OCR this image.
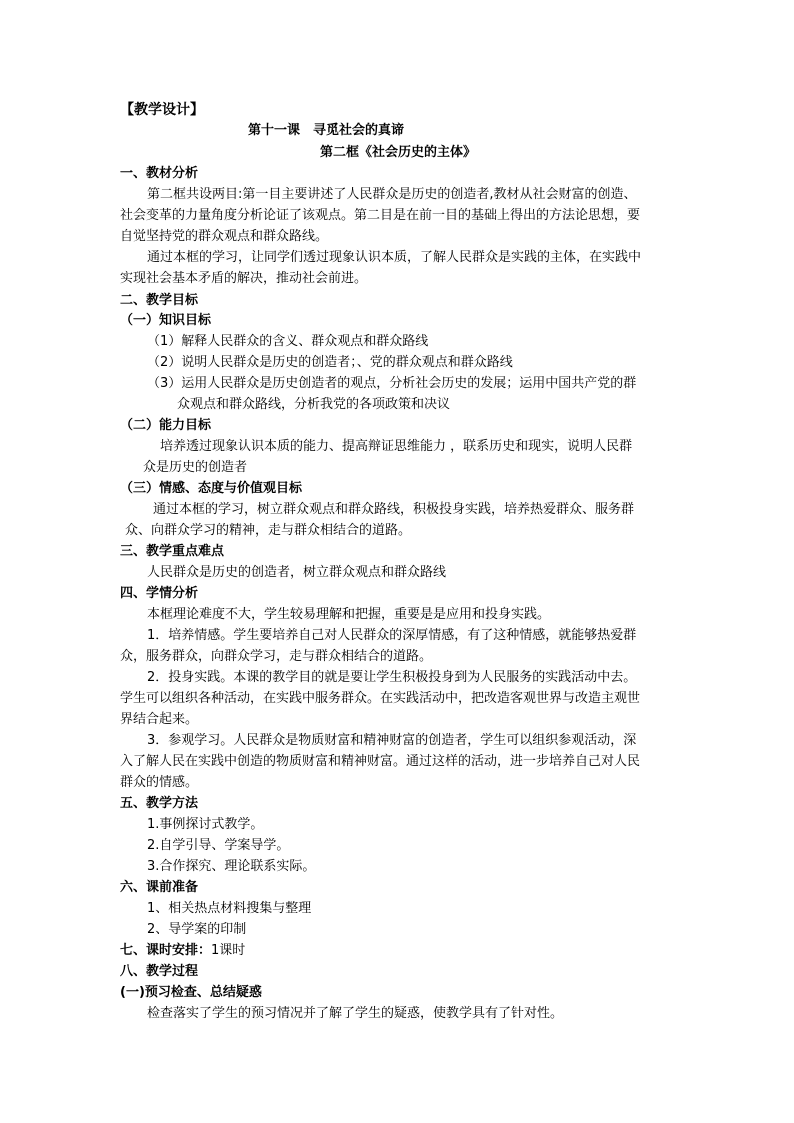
【教学设计】
第十一课　寻觅社会的真谛
第二框《社会历史的主体》
一、教材分析
第二框共设两目:第一目主要讲述了人民群众是历史的创造者,教材从社会财富的创造、
社会变革的力量角度分析论证了该观点。第二目是在前一目的基础上得出的方法论思想，要
自觉坚持党的群众观点和群众路线。
通过本框的学习，让同学们透过现象认识本质，了解人民群众是实践的主体，在实践中
实现社会基本矛盾的解决，推动社会前进。
二、教学目标
（一）知识目标
（1）解释人民群众的含义、群众观点和群众路线
（2）说明人民群众是历史的创造者；、党的群众观点和群众路线
（3）运用人民群众是历史创造者的观点，分析社会历史的发展；运用中国共产党的群
众观点和群众路线，分析我党的各项政策和决议
（二）能力目标
培养透过现象认识本质的能力、提高辩证思维能力 ，联系历史和现实，说明人民群
众是历史的创造者
（三）情感、态度与价值观目标
通过本框的学习，树立群众观点和群众路线，积极投身实践，培养热爱群众、服务群
众、向群众学习的精神，走与群众相结合的道路。
三、教学重点难点
人民群众是历史的创造者，树立群众观点和群众路线
四、学情分析
本框理论难度不大，学生较易理解和把握，重要是是应用和投身实践。
1．培养情感。学生要培养自己对人民群众的深厚情感，有了这种情感，就能够热爱群
众，服务群众，向群众学习，走与群众相结合的道路。
2．投身实践。本课的教学目的就是要让学生积极投身到为人民服务的实践活动中去。
学生可以组织各种活动，在实践中服务群众。在实践活动中，把改造客观世界与改造主观世
界结合起来。
3．参观学习。人民群众是物质财富和精神财富的创造者，学生可以组织参观活动，深
入了解人民在实践中创造的物质财富和精神财富。通过这样的活动，进一步培养自己对人民
群众的情感。
五、教学方法
1.事例探讨式教学。
2.自学引导、学案导学。
3.合作探究、理论联系实际。
六、课前准备
1、相关热点材料搜集与整理
2、导学案的印制
七、课时安排：1课时
八、教学过程
(一)预习检查、总结疑惑
检查落实了学生的预习情况并了解了学生的疑惑，使教学具有了针对性。
